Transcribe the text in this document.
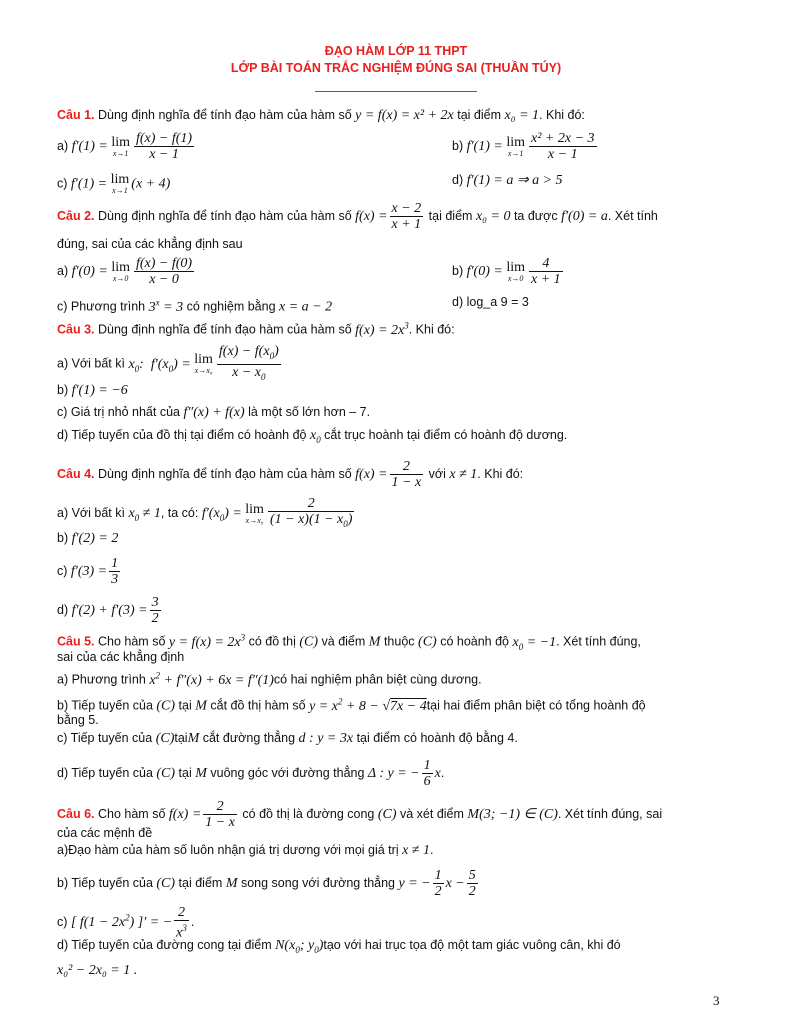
ĐẠO HÀM LỚP 11 THPT
LỚP BÀI TOÁN TRẮC NGHIỆM ĐÚNG SAI (THUẦN TÚY)
Câu 1. Dùng định nghĩa để tính đạo hàm của hàm số y = f(x) = x² + 2x tại điểm x₀ = 1. Khi đó:
a) f′(1) = lim
$x\to 1 \frac{f(x) - f(1)}{x - 1}$	b) f′(1) = lim
$x\to 1 \frac{\text{x² + 2x − 3}}{x - 1}$
c) f′(1) = lim
x→1 (x + 4)	d) f′(1) = a ⇒ a > 5
Câu 2. Dùng định nghĩa để tính đạo hàm của hàm số $f(x) = \frac{x - 2}{x + 1}$ tại điểm x₀ = 0 ta được f′(0) = a. Xét tính
đúng, sai của các khẳng định sau
a) f′(0) = lim
$x\to 0 \frac{f(x) - f(0)}{x - 0}$	b) f′(0) = lim
$x\to 0 \frac{4}{x + 1}$
c) Phương trình $3^x = 3$ có nghiệm bằng x = a − 2	d) log_a 9 = 3
Câu 3. Dùng định nghĩa để tính đạo hàm của hàm số $f(x) = 2x^3$. Khi đó:
a) Với bất kì $x_0$:  $f'(x_0) = \lim$
$x\to x_0 \frac{f(x) - f(x_0)}{x - x_0}$
b) f′(1) = −6
c) Giá trị nhỏ nhất của f″(x) + f(x) là một số lớn hơn – 7.
d) Tiếp tuyến của đồ thị tại điểm có hoành độ $x_0$ cắt trục hoành tại điểm có hoành độ dương.
Câu 4. Dùng định nghĩa để tính đạo hàm của hàm số $f(x) = \frac{2}{1 - x}$ với x ≠ 1. Khi đó:
a) Với bất kì $x_0 \ne 1$, ta có: $f'(x_0) = \lim$
$x\to x_0 \frac{2}{(1 - x)(1 - x_0)}$
b) f′(2) = 2
c) $f'(3) = \frac{1}{3}$
d) $f'(2) + f'(3) = \frac{3}{2}$
Câu 5. Cho hàm số $y = f(x) = 2x^3$ có đồ thị (C) và điểm M thuộc (C) có hoành độ $x_0 = -1$. Xét tính đúng,
sai của các khẳng định
a) Phương trình $x^2 + f''(x) + 6x$ = f″(1)có hai nghiệm phân biệt cùng dương.
b) Tiếp tuyến của (C) tại M cắt đồ thị hàm số $y = x^2 + 8 - √7x$ − 4tại hai điểm phân biệt có tổng hoành độ
bằng 5.
c) Tiếp tuyến của (C)tạiM cắt đường thẳng d : y = 3x tại điểm có hoành độ bằng 4.
d) Tiếp tuyến của (C) tại M vuông góc với đường thẳng Δ : y = − $\frac{1}{6} x$.
Câu 6. Cho hàm số $f(x) = \frac{2}{1 - x}$ có đồ thị là đường cong (C) và xét điểm M(3; −1) ∈ (C). Xét tính đúng, sai
của các mệnh đề
a)Đạo hàm của hàm số luôn nhận giá trị dương với mọi giá trị x ≠ 1.
b) Tiếp tuyến của (C) tại điểm M song song với đường thẳng y = − $\frac{1}{2}$ $x - \frac{5}{2}$
c) [ $f(1 - 2x^2)$ ]′ = − $\frac{2}{x^3}$ .
d) Tiếp tuyến của đường cong tại điểm $N(x_0$; $y_0)tạo$ với hai trục tọa độ một tam giác vuông cân, khi đó
x₀² − 2x₀ = 1 .
3
